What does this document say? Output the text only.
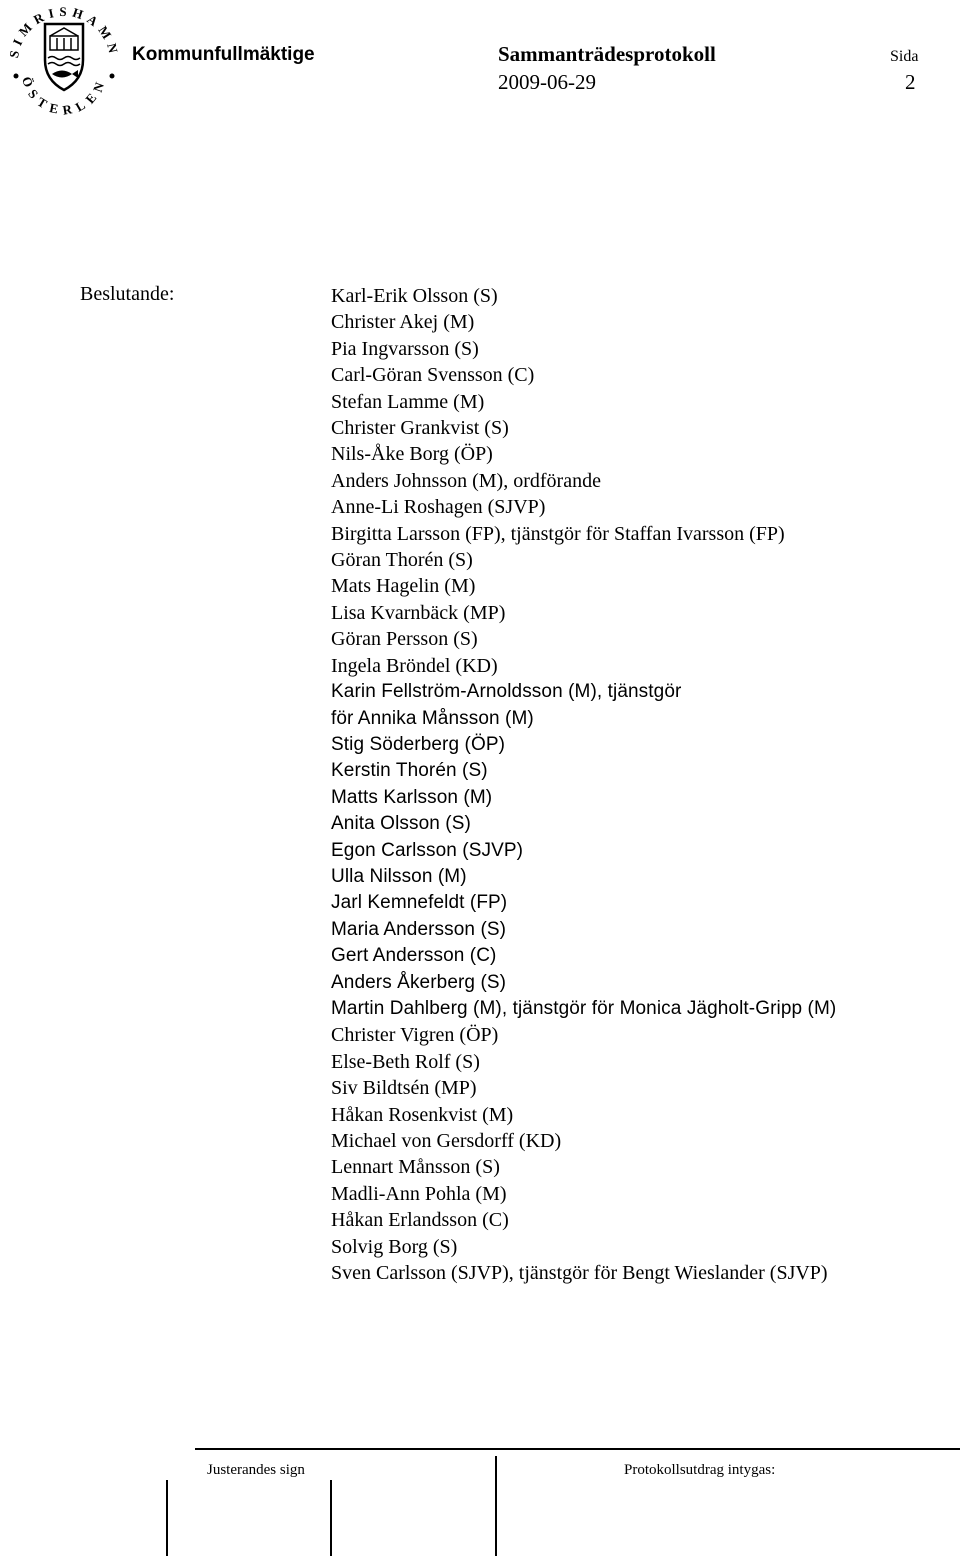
SIMRISHAMN
ÖSTERLEN
Kommunfullmäktige	Sammanträdesprotokoll
2009-06-29
Sida
2
Beslutande:	Karl-Erik Olsson (S)
Christer Akej (M)
Pia Ingvarsson (S)
Carl-Göran Svensson (C)
Stefan Lamme (M)
Christer Grankvist (S)
Nils-Åke Borg (ÖP)
Anders Johnsson (M), ordförande
Anne-Li Roshagen (SJVP)
Birgitta Larsson (FP), tjänstgör för Staffan Ivarsson (FP)
Göran Thorén (S)
Mats Hagelin (M)
Lisa Kvarnbäck (MP)
Göran Persson (S)
Ingela Bröndel (KD)
Karin Fellström-Arnoldsson (M), tjänstgör
för Annika Månsson (M)
Stig Söderberg (ÖP)
Kerstin Thorén (S)
Matts Karlsson (M)
Anita Olsson (S)
Egon Carlsson (SJVP)
Ulla Nilsson (M)
Jarl Kemnefeldt (FP)
Maria Andersson (S)
Gert Andersson (C)
Anders Åkerberg (S)
Martin Dahlberg (M), tjänstgör för Monica Jägholt-Gripp (M)
Christer Vigren (ÖP)
Else-Beth Rolf (S)
Siv Bildtsén (MP)
Håkan Rosenkvist (M)
Michael von Gersdorff (KD)
Lennart Månsson (S)
Madli-Ann Pohla (M)
Håkan Erlandsson (C)
Solvig Borg (S)
Sven Carlsson (SJVP), tjänstgör för Bengt Wieslander (SJVP)
Justerandes sign	Protokollsutdrag intygas:
